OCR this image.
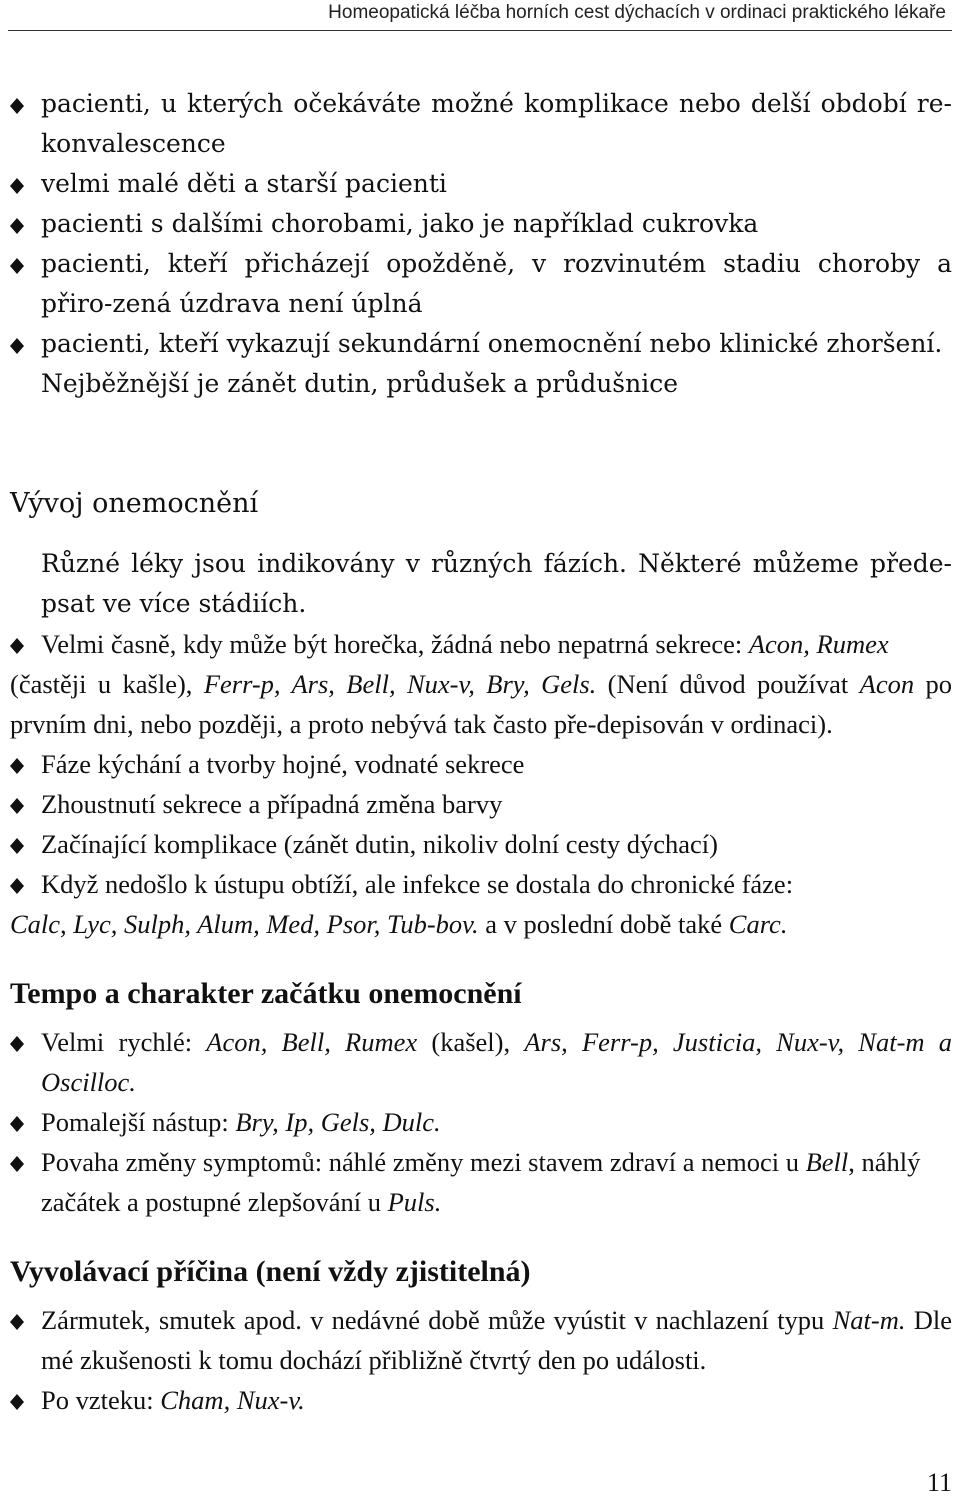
Homeopatická léčba horních cest dýchacích v ordinaci praktického lékaře
pacienti, u kterých očekáváte možné komplikace nebo delší období re-konvalescence
velmi malé děti a starší pacienti
pacienti s dalšími chorobami, jako je například cukrovka
pacienti, kteří přicházejí opožděně, v rozvinutém stadiu choroby a přiro-zená úzdrava není úplná
pacienti, kteří vykazují sekundární onemocnění nebo klinické zhoršení.
Nejběžnější je zánět dutin, průdušek a průdušnice
Vývoj onemocnění
Různé léky jsou indikovány v různých fázích. Některé můžeme přede-psat ve více stádiích.
Velmi časně, kdy může být horečka, žádná nebo nepatrná sekrece: Acon, Rumex
(častěji u kašle), Ferr-p, Ars, Bell, Nux-v, Bry, Gels. (Není důvod používat Acon po prvním dni, nebo později, a proto nebývá tak často pře-depisován v ordinaci).
Fáze kýchání a tvorby hojné, vodnaté sekrece
Zhoustnutí sekrece a případná změna barvy
Začínající komplikace (zánět dutin, nikoliv dolní cesty dýchací)
Když nedošlo k ústupu obtíží, ale infekce se dostala do chronické fáze:
Calc, Lyc, Sulph, Alum, Med, Psor, Tub-bov. a v poslední době také Carc.
Tempo a charakter začátku onemocnění
Velmi rychlé: Acon, Bell, Rumex (kašel), Ars, Ferr-p, Justicia, Nux-v, Nat-m a Oscilloc.
Pomalejší nástup: Bry, Ip, Gels, Dulc.
Povaha změny symptomů: náhlé změny mezi stavem zdraví a nemoci u Bell, náhlý začátek a postupné zlepšování u Puls.
Vyvolávací příčina (není vždy zjistitelná)
Zármutek, smutek apod. v nedávné době může vyústit v nachlazení typu Nat-m. Dle mé zkušenosti k tomu dochází přibližně čtvrtý den po události.
Po vzteku: Cham, Nux-v.
11
